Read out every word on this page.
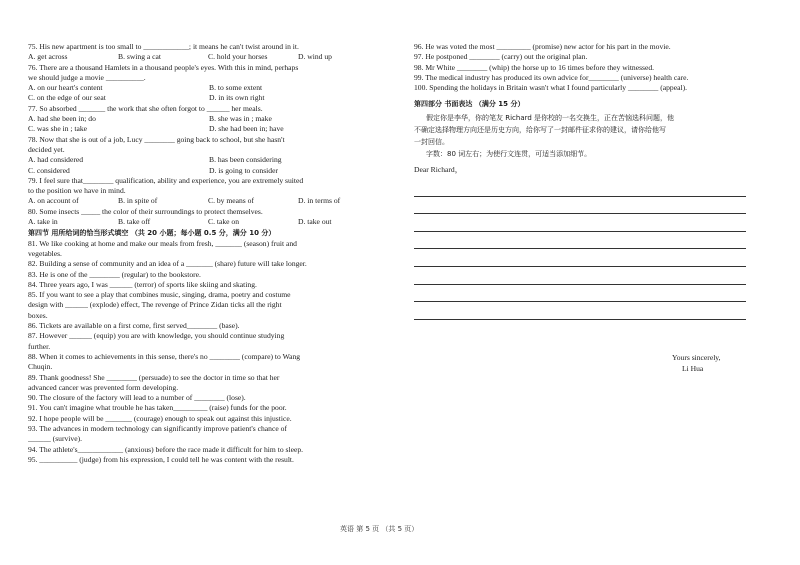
75. His new apartment is too small to ____________; it means he can't twist around in it.
A. get across	B. swing a cat	C. hold your horses	D. wind up
76. There are a thousand Hamlets in a thousand people's eyes. With this in mind, perhaps
we should judge a movie __________.
A. on our heart's content	B. to some extent
C. on the edge of our seat	D. in its own right
77. So absorbed _______ the work that she often forgot to ______ her meals.
A. had she been in; do	B. she was in ; make
C. was she in ; take	D. she had been in; have
78. Now that she is out of a job, Lucy ________ going back to school, but she hasn't
decided yet.
A. had considered	B. has been considering
C. considered	D. is going to consider
79. I feel sure that________ qualification, ability and experience, you are extremely suited
to the position we have in mind.
A. on account of	B. in spite of	C. by means of	D. in terms of
80. Some insects _____ the color of their surroundings to protect themselves.
A. take in	B. take off	C. take on	D. take out
第四节 用所给词的恰当形式填空 （共 20 小题；每小题 0.5 分，满分 10 分）
81. We like cooking at home and make our meals from fresh, _______ (season) fruit and
vegetables.
82. Building a sense of community and an idea of a _______ (share) future will take longer.
83. He is one of the ________ (regular) to the bookstore.
84. Three years ago, I was ______ (terror) of sports like skiing and skating.
85. If you want to see a play that combines music, singing, drama, poetry and costume
design with ______ (explode) effect, The revenge of Prince Zidan ticks all the right
boxes.
86. Tickets are available on a first come, first served________ (base).
87. However ______ (equip) you are with knowledge, you should continue studying
further.
88. When it comes to achievements in this sense, there's no ________ (compare) to Wang
Chuqin.
89. Thank goodness! She ________ (persuade) to see the doctor in time so that her
advanced cancer was prevented form developing.
90. The closure of the factory will lead to a number of ________ (lose).
91. You can't imagine what trouble he has taken_________ (raise) funds for the poor.
92. I hope people will be _______ (courage) enough to speak out against this injustice.
93. The advances in modern technology can significantly improve patient's chance of
______ (survive).
94. The athlete's____________ (anxious) before the race made it difficult for him to sleep.
95. __________ (judge) from his expression, I could tell he was content with the result.
96. He was voted the most _________ (promise) new actor for his part in the movie.
97. He postponed ________ (carry) out the original plan.
98. Mr White ________ (whip) the horse up to 16 times before they witnessed.
99. The medical industry has produced its own advice for________ (universe) health care.
100. Spending the holidays in Britain wasn't what I found particularly ________ (appeal).
第四部分 书面表达 （满分 15 分）
假定你是李华，你的笔友 Richard 是你校的一名交换生，正在苦恼选科问题，他
不确定选择物理方向还是历史方向，给你写了一封邮件征求你的建议，请你给他写
一封回信。
字数：80 词左右；为使行文连贯，可适当添加细节。
Dear Richard，
Yours sincerely,
Li Hua
英语 第 5 页 （共 5 页）
